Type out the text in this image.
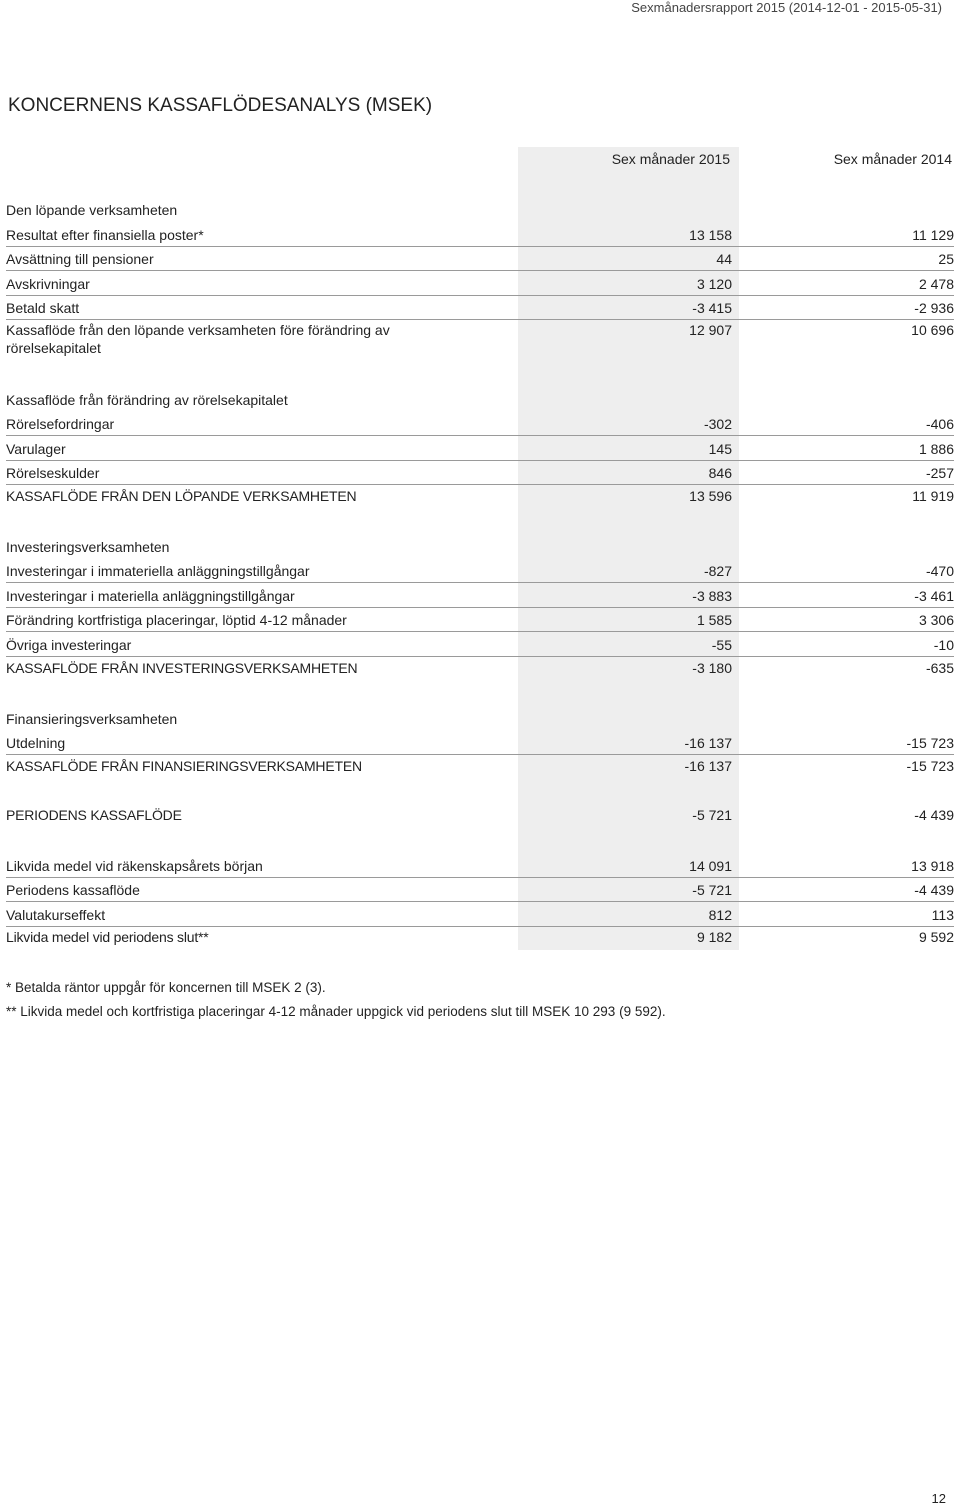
Sexmånadersrapport 2015 (2014-12-01 - 2015-05-31)
KONCERNENS KASSAFLÖDESANALYS (MSEK)
Sex månader 2015	Sex månader 2014
Den löpande verksamheten
Resultat efter finansiella poster*	13 158	11 129
Avsättning till pensioner	44	25
Avskrivningar	3 120	2 478
Betald skatt	-3 415	-2 936
Kassaflöde från den löpande verksamheten före förändring av
rörelsekapitalet
12 907	10 696
Kassaflöde från förändring av rörelsekapitalet
Rörelsefordringar	-302	-406
Varulager	145	1 886
Rörelseskulder	846	-257
KASSAFLÖDE FRÅN DEN LÖPANDE VERKSAMHETEN	13 596	11 919
Investeringsverksamheten
Investeringar i immateriella anläggningstillgångar	-827	-470
Investeringar i materiella anläggningstillgångar	-3 883	-3 461
Förändring kortfristiga placeringar, löptid 4-12 månader	1 585	3 306
Övriga investeringar	-55	-10
KASSAFLÖDE FRÅN INVESTERINGSVERKSAMHETEN	-3 180	-635
Finansieringsverksamheten
Utdelning	-16 137	-15 723
KASSAFLÖDE FRÅN FINANSIERINGSVERKSAMHETEN	-16 137	-15 723
PERIODENS KASSAFLÖDE	-5 721	-4 439
Likvida medel vid räkenskapsårets början	14 091	13 918
Periodens kassaflöde	-5 721	-4 439
Valutakurseffekt	812	113
Likvida medel vid periodens slut**	9 182	9 592
* Betalda räntor uppgår för koncernen till MSEK 2 (3).
** Likvida medel och kortfristiga placeringar 4-12 månader uppgick vid periodens slut till MSEK 10 293 (9 592).
12
